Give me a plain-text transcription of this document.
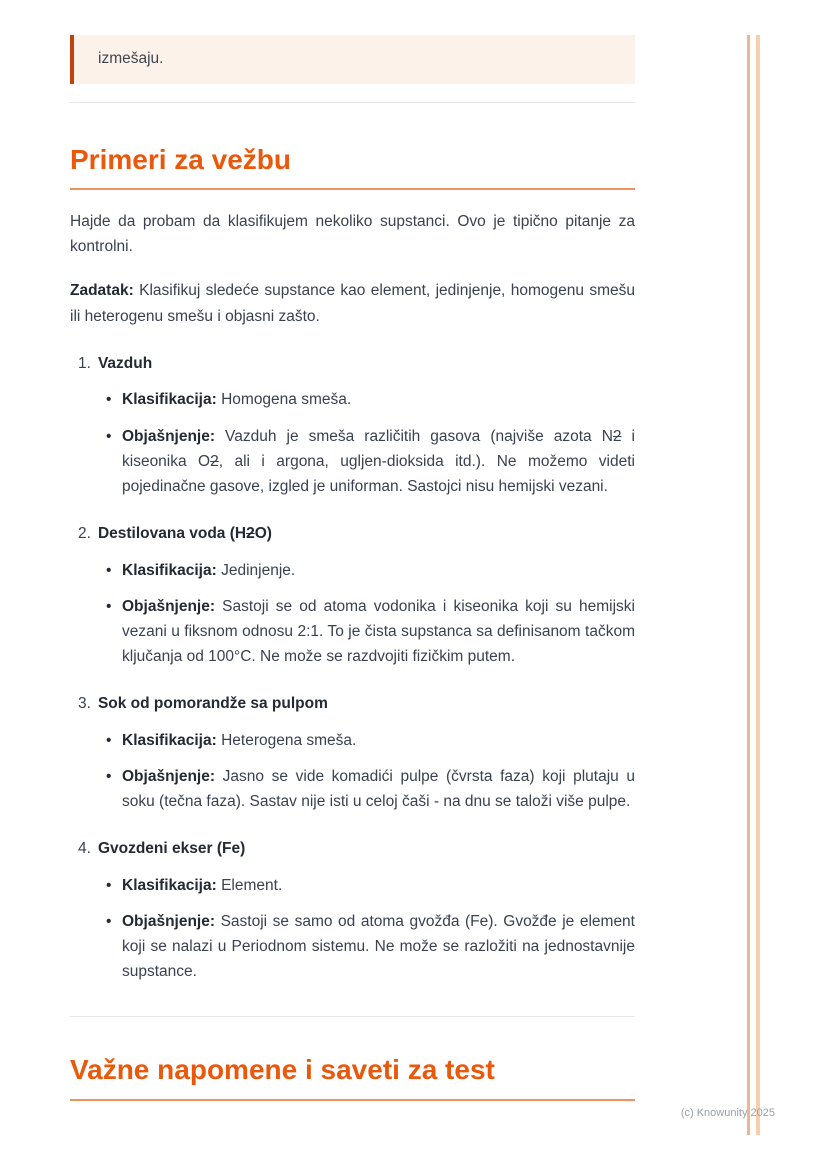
izmešaju.
Primeri za vežbu

Hajde da probam da klasifikujem nekoliko supstanci. Ovo je tipično pitanje za kontrolni.

Zadatak: Klasifikuj sledeće supstance kao element, jedinjenje, homogenu smešu ili heterogenu smešu i objasni zašto.

1. Vazduh
• Klasifikacija: Homogena smeša.
• Objašnjenje: Vazduh je smeša različitih gasova (najviše azota N2 i kiseonika O2, ali i argona, ugljen-dioksida itd.). Ne možemo videti pojedinačne gasove, izgled je uniforman. Sastojci nisu hemijski vezani.
2. Destilovana voda (H2O)
• Klasifikacija: Jedinjenje.
• Objašnjenje: Sastoji se od atoma vodonika i kiseonika koji su hemijski vezani u fiksnom odnosu 2:1. To je čista supstanca sa definisanom tačkom ključanja od 100°C. Ne može se razdvojiti fizičkim putem.
3. Sok od pomorandže sa pulpom
• Klasifikacija: Heterogena smeša.
• Objašnjenje: Jasno se vide komadići pulpe (čvrsta faza) koji plutaju u soku (tečna faza). Sastav nije isti u celoj čaši - na dnu se taloži više pulpe.
4. Gvozdeni ekser (Fe)
• Klasifikacija: Element.
• Objašnjenje: Sastoji se samo od atoma gvožđa (Fe). Gvožđe je element koji se nalazi u Periodnom sistemu. Ne može se razložiti na jednostavnije supstance.
Važne napomene i saveti za test
(c) Knowunity 2025
